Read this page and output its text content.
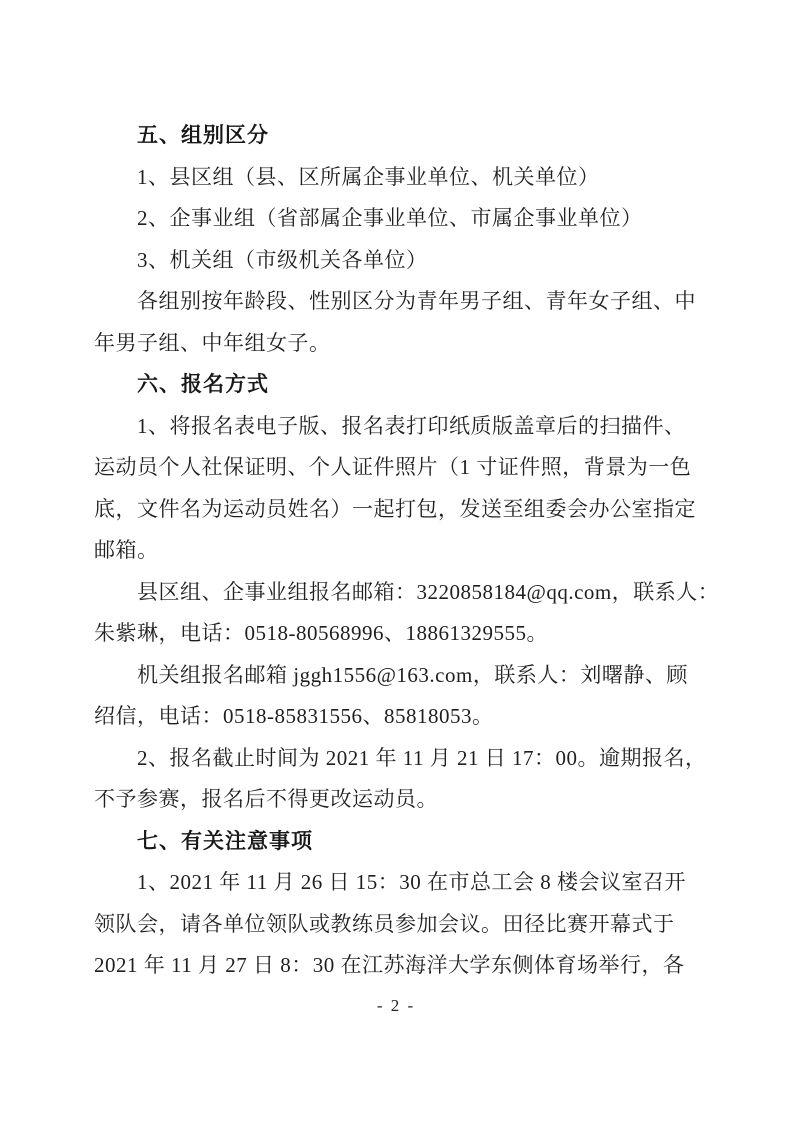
五、组别区分
1、县区组（县、区所属企事业单位、机关单位）
2、企事业组（省部属企事业单位、市属企事业单位）
3、机关组（市级机关各单位）
各组别按年龄段、性别区分为青年男子组、青年女子组、中
年男子组、中年组女子。
六、报名方式
1、将报名表电子版、报名表打印纸质版盖章后的扫描件、
运动员个人社保证明、个人证件照片（1 寸证件照，背景为一色
底，文件名为运动员姓名）一起打包，发送至组委会办公室指定
邮箱。
县区组、企事业组报名邮箱：3220858184@qq.com，联系人：
朱紫琳，电话：0518-80568996、18861329555。
机关组报名邮箱 jggh1556@163.com，联系人：刘曙静、顾
绍信，电话：0518-85831556、85818053。
2、报名截止时间为 2021 年 11 月 21 日 17：00。逾期报名，
不予参赛，报名后不得更改运动员。
七、有关注意事项
1、2021 年 11 月 26 日 15：30 在市总工会 8 楼会议室召开
领队会，请各单位领队或教练员参加会议。田径比赛开幕式于
2021 年 11 月 27 日 8：30 在江苏海洋大学东侧体育场举行，各
- 2 -
